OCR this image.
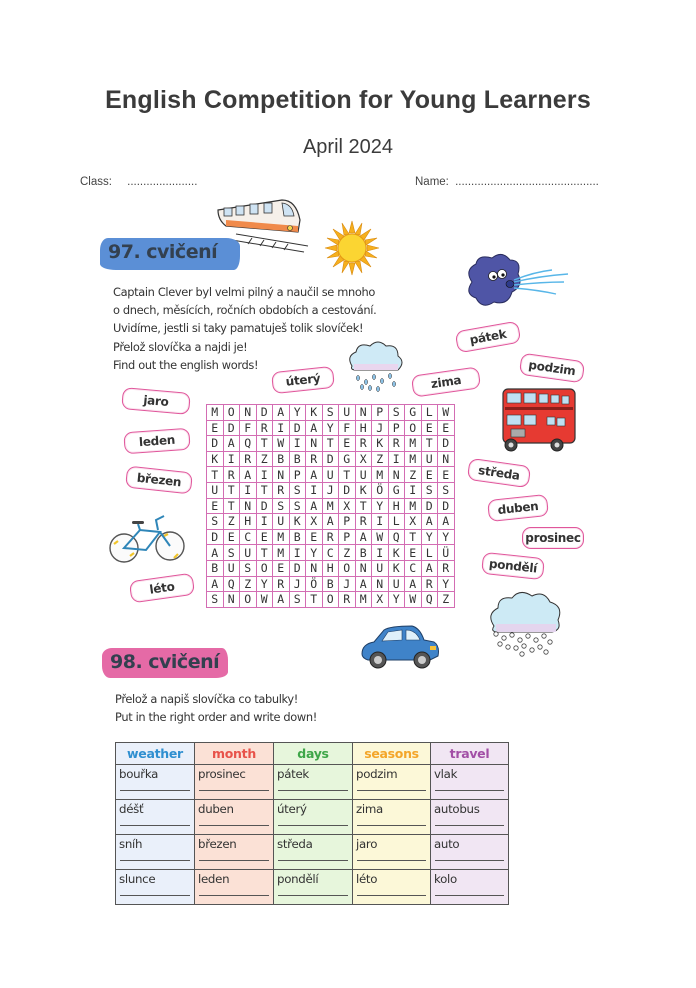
English Competition for Young Learners
April 2024
Class: ......................	Name: .............................................
97. cvičení
Captain Clever byl velmi pilný a naučil se mnoho
o dnech, měsících, ročních obdobích a cestování.
Uvidíme, jestli si taky pamatuješ tolik slovíček!
Přelož slovíčka a najdi je!
Find out the english words!
jaro
leden
březen
léto
úterý	zima
pátek
podzim
středa
duben
prosinec
pondělí
M	O	N	D	A	Y	K	S	U	N	P	S	G	L	W
E	D	F	R	I	D	A	Y	F	H	J	P	O	E	E
D	A	Q	T	W	I	N	T	E	R	K	R	M	T	D
K	I	R	Z	B	B	R	D	G	X	Z	I	M	U	N
T	R	A	I	N	P	A	U	T	U	M	N	Z	E	E
U	T	I	T	R	S	I	J	D	K	Ö	G	I	S	S
E	T	N	D	S	S	A	M	X	T	Y	H	M	D	D
S	Z	H	I	U	K	X	A	P	R	I	L	X	A	A
D	E	C	E	M	B	E	R	P	A	W	Q	T	Y	Y
A	S	U	T	M	I	Y	C	Z	B	I	K	E	L	Ü
B	U	S	O	E	D	N	H	O	N	U	K	C	A	R
A	Q	Z	Y	R	J	Ö	B	J	A	N	U	A	R	Y
S	N	O	W	A	S	T	O	R	M	X	Y	W	Q	Z
98. cvičení
Přelož a napiš slovíčka co tabulky!
Put in the right order and write down!
weather	month	days	seasons	travel

bouřka	prosinec	pátek	podzim	vlak

déšť	duben	úterý	zima	autobus

sníh	březen	středa	jaro	auto

slunce	leden	pondělí	léto	kolo
